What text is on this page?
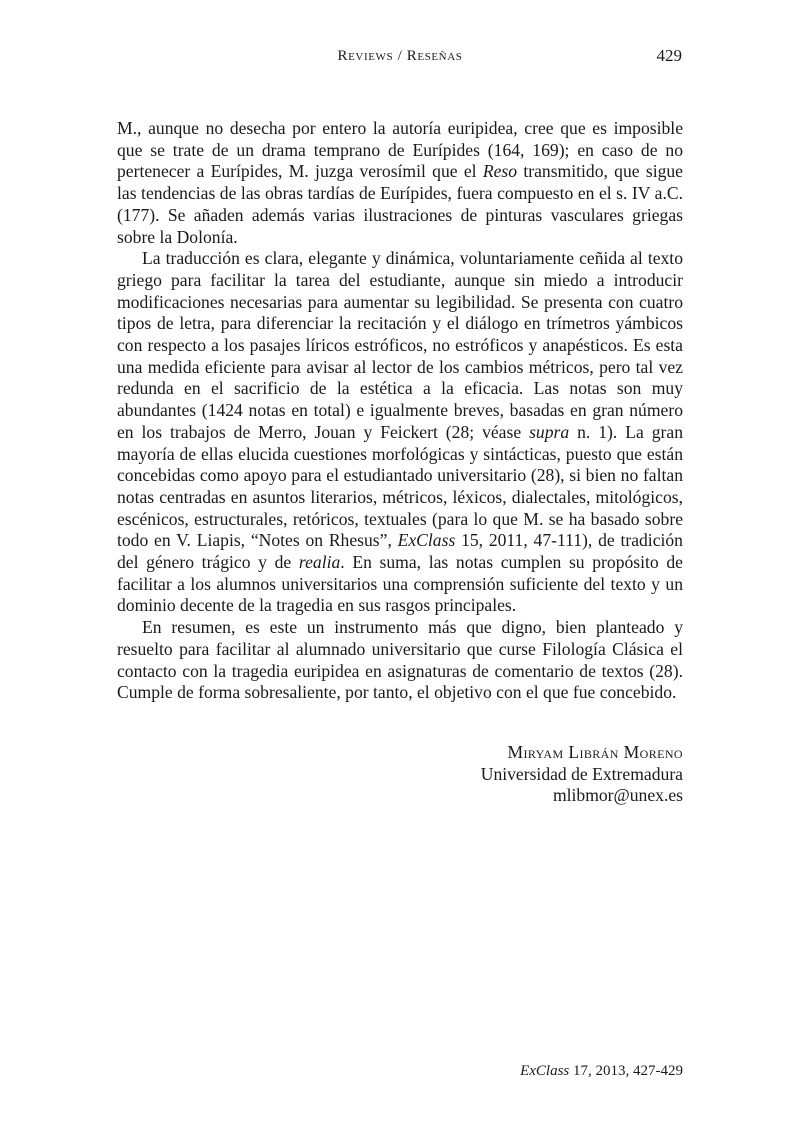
Reviews / Reseñas	429

M., aunque no desecha por entero la autoría euripidea, cree que es imposible que se trate de un drama temprano de Eurípides (164, 169); en caso de no pertenecer a Eurípides, M. juzga verosímil que el Reso transmitido, que sigue las tendencias de las obras tardías de Eurípides, fuera compuesto en el s. IV a.C. (177). Se añaden además varias ilustraciones de pinturas vasculares griegas sobre la Dolonía.

La traducción es clara, elegante y dinámica, voluntariamente ceñida al texto griego para facilitar la tarea del estudiante, aunque sin miedo a introducir modificaciones necesarias para aumentar su legibilidad. Se presenta con cuatro tipos de letra, para diferenciar la recitación y el diálogo en trímetros yámbicos con respecto a los pasajes líricos estróficos, no estróficos y anapésticos. Es esta una medida eficiente para avisar al lector de los cambios métricos, pero tal vez redunda en el sacrificio de la estética a la eficacia. Las notas son muy abundantes (1424 notas en total) e igualmente breves, basadas en gran número en los trabajos de Merro, Jouan y Feickert (28; véase supra n. 1). La gran mayoría de ellas elucida cuestiones morfológicas y sintácticas, puesto que están concebidas como apoyo para el estudiantado universitario (28), si bien no faltan notas centradas en asuntos literarios, métricos, léxicos, dialectales, mitológicos, escénicos, estructurales, retóricos, textuales (para lo que M. se ha basado sobre todo en V. Liapis, “Notes on Rhesus”, ExClass 15, 2011, 47-111), de tradición del género trágico y de realia. En suma, las notas cumplen su propósito de facilitar a los alumnos universitarios una comprensión suficiente del texto y un dominio decente de la tragedia en sus rasgos principales.

En resumen, es este un instrumento más que digno, bien planteado y resuelto para facilitar al alumnado universitario que curse Filología Clásica el contacto con la tragedia euripidea en asignaturas de comentario de textos (28). Cumple de forma sobresaliente, por tanto, el objetivo con el que fue concebido.

Miryam Librán Moreno
Universidad de Extremadura
mlibmor@unex.es
ExClass 17, 2013, 427-429
